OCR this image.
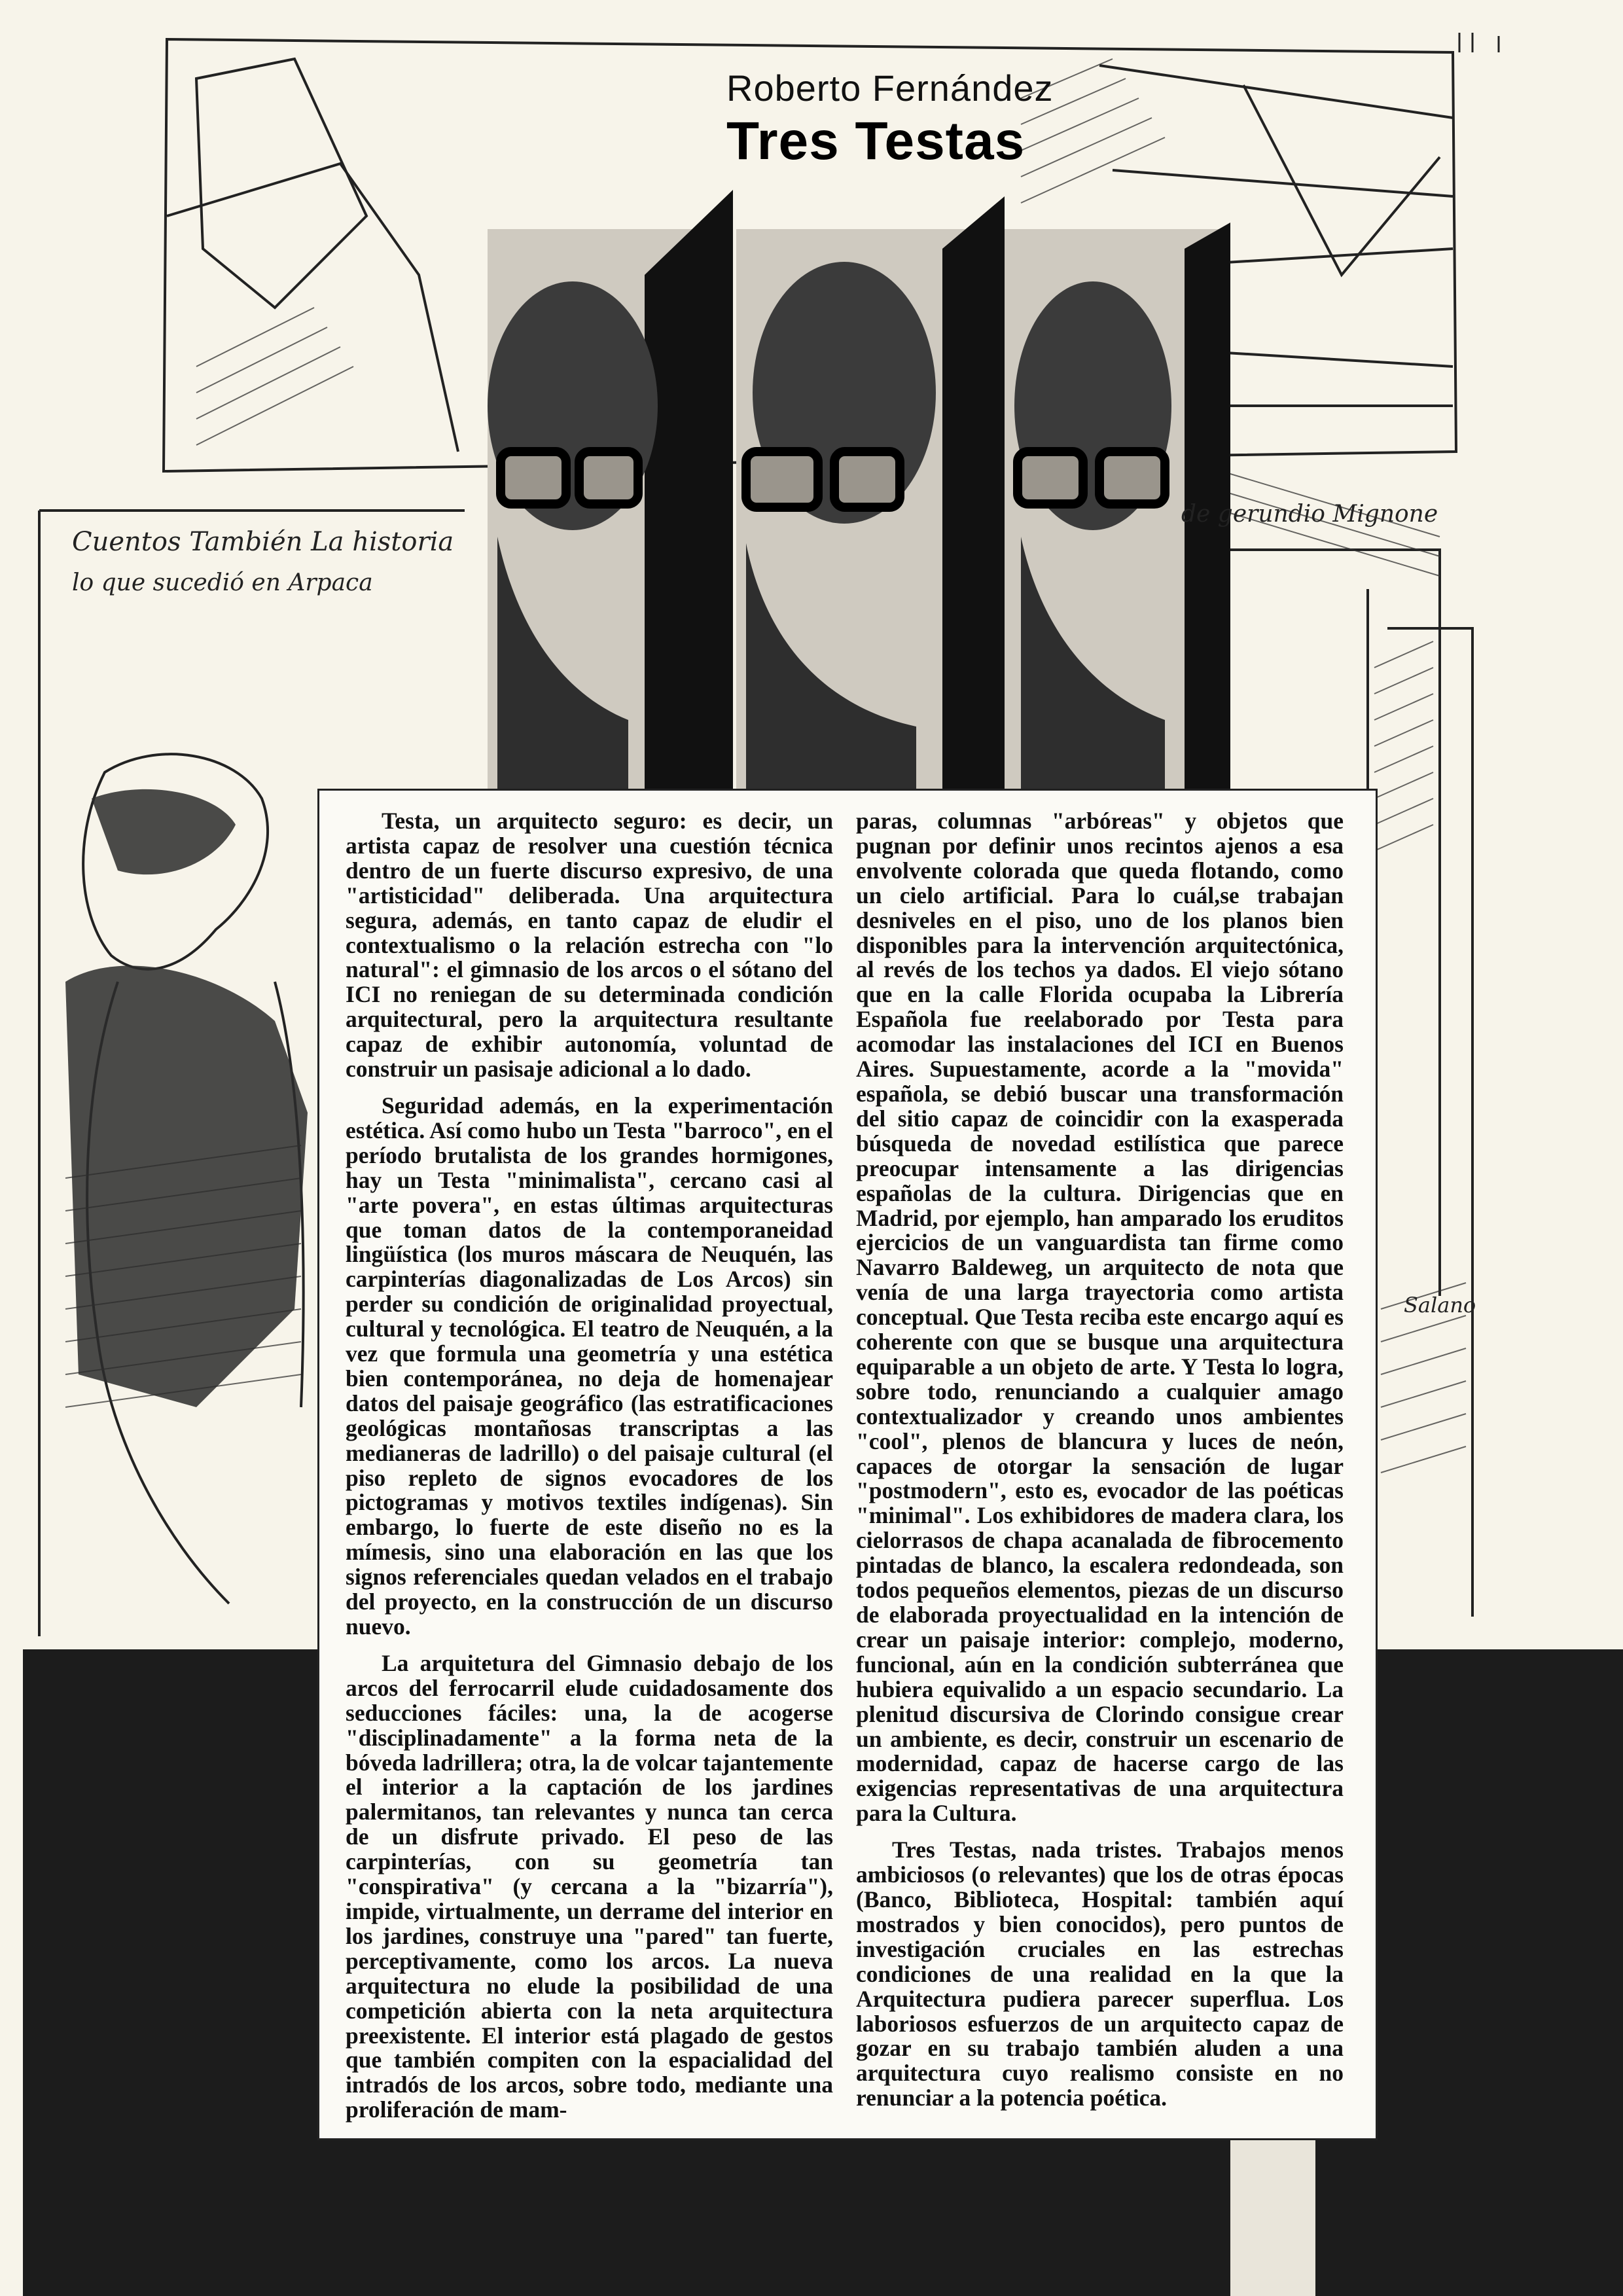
Roberto Fernández
Tres Testas
Cuentos También La historia
lo que sucedió en Arpaca
de gerundio Mignone
Salano

Testa, un arquitecto seguro: es decir, un artista capaz de resolver una cuestión técnica dentro de un fuerte discurso expresivo, de una "artisticidad" deliberada. Una arquitectura segura, además, en tanto capaz de eludir el contextualismo o la relación estrecha con "lo natural": el gimnasio de los arcos o el sótano del ICI no reniegan de su determinada condición arquitectural, pero la arquitectura resultante capaz de exhibir autonomía, voluntad de construir un pasisaje adicional a lo dado.

Seguridad además, en la experimentación estética. Así como hubo un Testa "barroco", en el período brutalista de los grandes hormigones, hay un Testa "minimalista", cercano casi al "arte povera", en estas últimas arquitecturas que toman datos de la contemporaneidad lingüística (los muros máscara de Neuquén, las carpinterías diagonalizadas de Los Arcos) sin perder su condición de originalidad proyectual, cultural y tecnológica. El teatro de Neuquén, a la vez que formula una geometría y una estética bien contemporánea, no deja de homenajear datos del paisaje geográfico (las estratificaciones geológicas montañosas transcriptas a las medianeras de ladrillo) o del paisaje cultural (el piso repleto de signos evocadores de los pictogramas y motivos textiles indígenas). Sin embargo, lo fuerte de este diseño no es la mímesis, sino una elaboración en las que los signos referenciales quedan velados en el trabajo del proyecto, en la construcción de un discurso nuevo.

La arquitetura del Gimnasio debajo de los arcos del ferrocarril elude cuidadosamente dos seducciones fáciles: una, la de acogerse "disciplinadamente" a la forma neta de la bóveda ladrillera; otra, la de volcar tajantemente el interior a la captación de los jardines palermitanos, tan relevantes y nunca tan cerca de un disfrute privado. El peso de las carpinterías, con su geometría tan "conspirativa" (y cercana a la "bizarría"), impide, virtualmente, un derrame del interior en los jardines, construye una "pared" tan fuerte, perceptivamente, como los arcos. La nueva arquitectura no elude la posibilidad de una competición abierta con la neta arquitectura preexistente. El interior está plagado de gestos que también compiten con la espacialidad del intradós de los arcos, sobre todo, mediante una proliferación de mam-

paras, columnas "arbóreas" y objetos que pugnan por definir unos recintos ajenos a esa envolvente colorada que queda flotando, como un cielo artificial. Para lo cuál,se trabajan desniveles en el piso, uno de los planos bien disponibles para la intervención arquitectónica, al revés de los techos ya dados. El viejo sótano que en la calle Florida ocupaba la Librería Española fue reelaborado por Testa para acomodar las instalaciones del ICI en Buenos Aires. Supuestamente, acorde a la "movida" española, se debió buscar una transformación del sitio capaz de coincidir con la exasperada búsqueda de novedad estilística que parece preocupar intensamente a las dirigencias españolas de la cultura. Dirigencias que en Madrid, por ejemplo, han amparado los eruditos ejercicios de un vanguardista tan firme como Navarro Baldeweg, un arquitecto de nota que venía de una larga trayectoria como artista conceptual. Que Testa reciba este encargo aquí es coherente con que se busque una arquitectura equiparable a un objeto de arte. Y Testa lo logra, sobre todo, renunciando a cualquier amago contextualizador y creando unos ambientes "cool", plenos de blancura y luces de neón, capaces de otorgar la sensación de lugar "postmodern", esto es, evocador de las poéticas "minimal". Los exhibidores de madera clara, los cielorrasos de chapa acanalada de fibrocemento pintadas de blanco, la escalera redondeada, son todos pequeños elementos, piezas de un discurso de elaborada proyectualidad en la intención de crear un paisaje interior: complejo, moderno, funcional, aún en la condición subterránea que hubiera equivalido a un espacio secundario. La plenitud discursiva de Clorindo consigue crear un ambiente, es decir, construir un escenario de modernidad, capaz de hacerse cargo de las exigencias representativas de una arquitectura para la Cultura.

Tres Testas, nada tristes. Trabajos menos ambiciosos (o relevantes) que los de otras épocas (Banco, Biblioteca, Hospital: también aquí mostrados y bien conocidos), pero puntos de investigación cruciales en las estrechas condiciones de una realidad en la que la Arquitectura pudiera parecer superflua. Los laboriosos esfuerzos de un arquitecto capaz de gozar en su trabajo también aluden a una arquitectura cuyo realismo consiste en no renunciar a la potencia poética.
